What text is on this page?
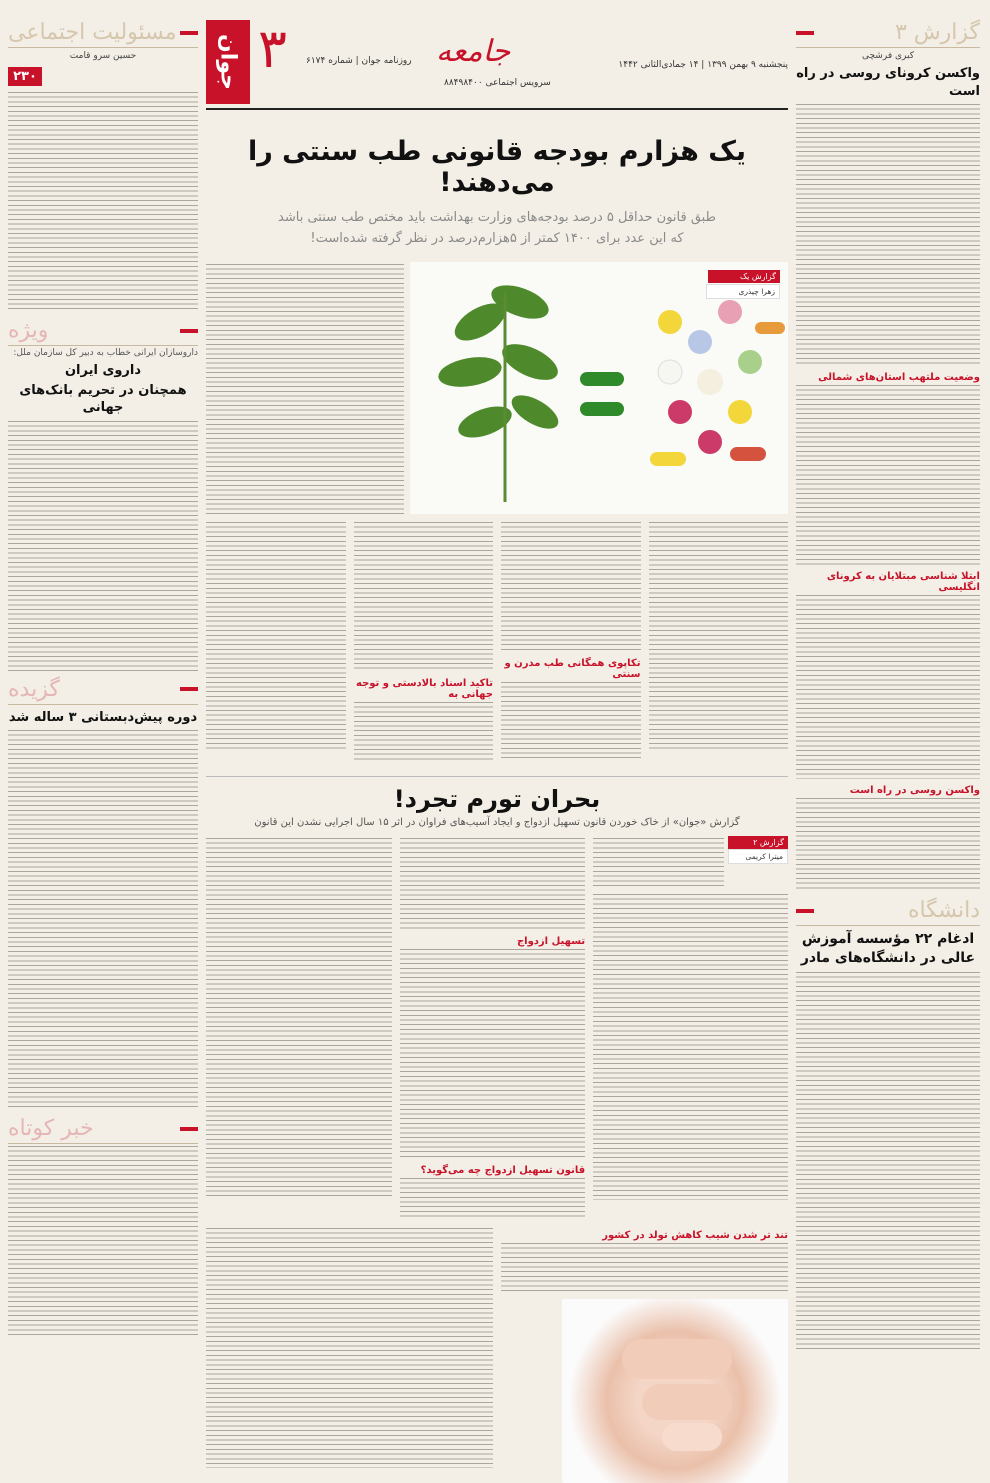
گزارش ۳
کبری فرشچی
واکسن کرونای روسی در راه است
وضعیت ملتهب استان‌های شمالی
ابتلا شناسی مبتلایان به کرونای انگلیسی
واکسن روسی در راه است
دانشگاه
ادغام ۲۲ مؤسسه آموزش عالی در دانشگاه‌های مادر
جوان ۳ روزنامه جوان | شماره ۶۱۷۴ جامعه
سرویس اجتماعی ۸۸۴۹۸۴۰۰
پنجشنبه ۹ بهمن ۱۳۹۹ | ۱۴ جمادی‌الثانی ۱۴۴۲
یک هزارم بودجه قانونی طب سنتی را می‌دهند!
طبق قانون حداقل ۵ درصد بودجه‌های وزارت بهداشت باید مختص طب سنتی باشد
که این عدد برای ۱۴۰۰ کمتر از ۵هزارم‌درصد در نظر گرفته شده‌است!
گزارش یک
زهرا چیذری
تکاپوی همگانی طب مدرن و سنتی
تاکید اسناد بالادستی و توجه جهانی به
بحران تورم تجرد!
گزارش «جوان» از خاک خوردن قانون تسهیل ازدواج و ایجاد آسیب‌های فراوان در اثر ۱۵ سال اجرایی نشدن این قانون
گزارش ۲
میترا کریمی
تسهیل ازدواج
قانون تسهیل ازدواج چه می‌گوید؟
تند تر شدن شیب کاهش تولد در کشور
مسئولیت اجتماعی
حسین سرو قامت
۲۳۰
ویژه
داروسازان ایرانی خطاب به دبیر کل سازمان ملل:
داروی ایران
همچنان در تحریم بانک‌های جهانی
گزیده
دوره پیش‌دبستانی ۳ ساله شد
خبر کوتاه
